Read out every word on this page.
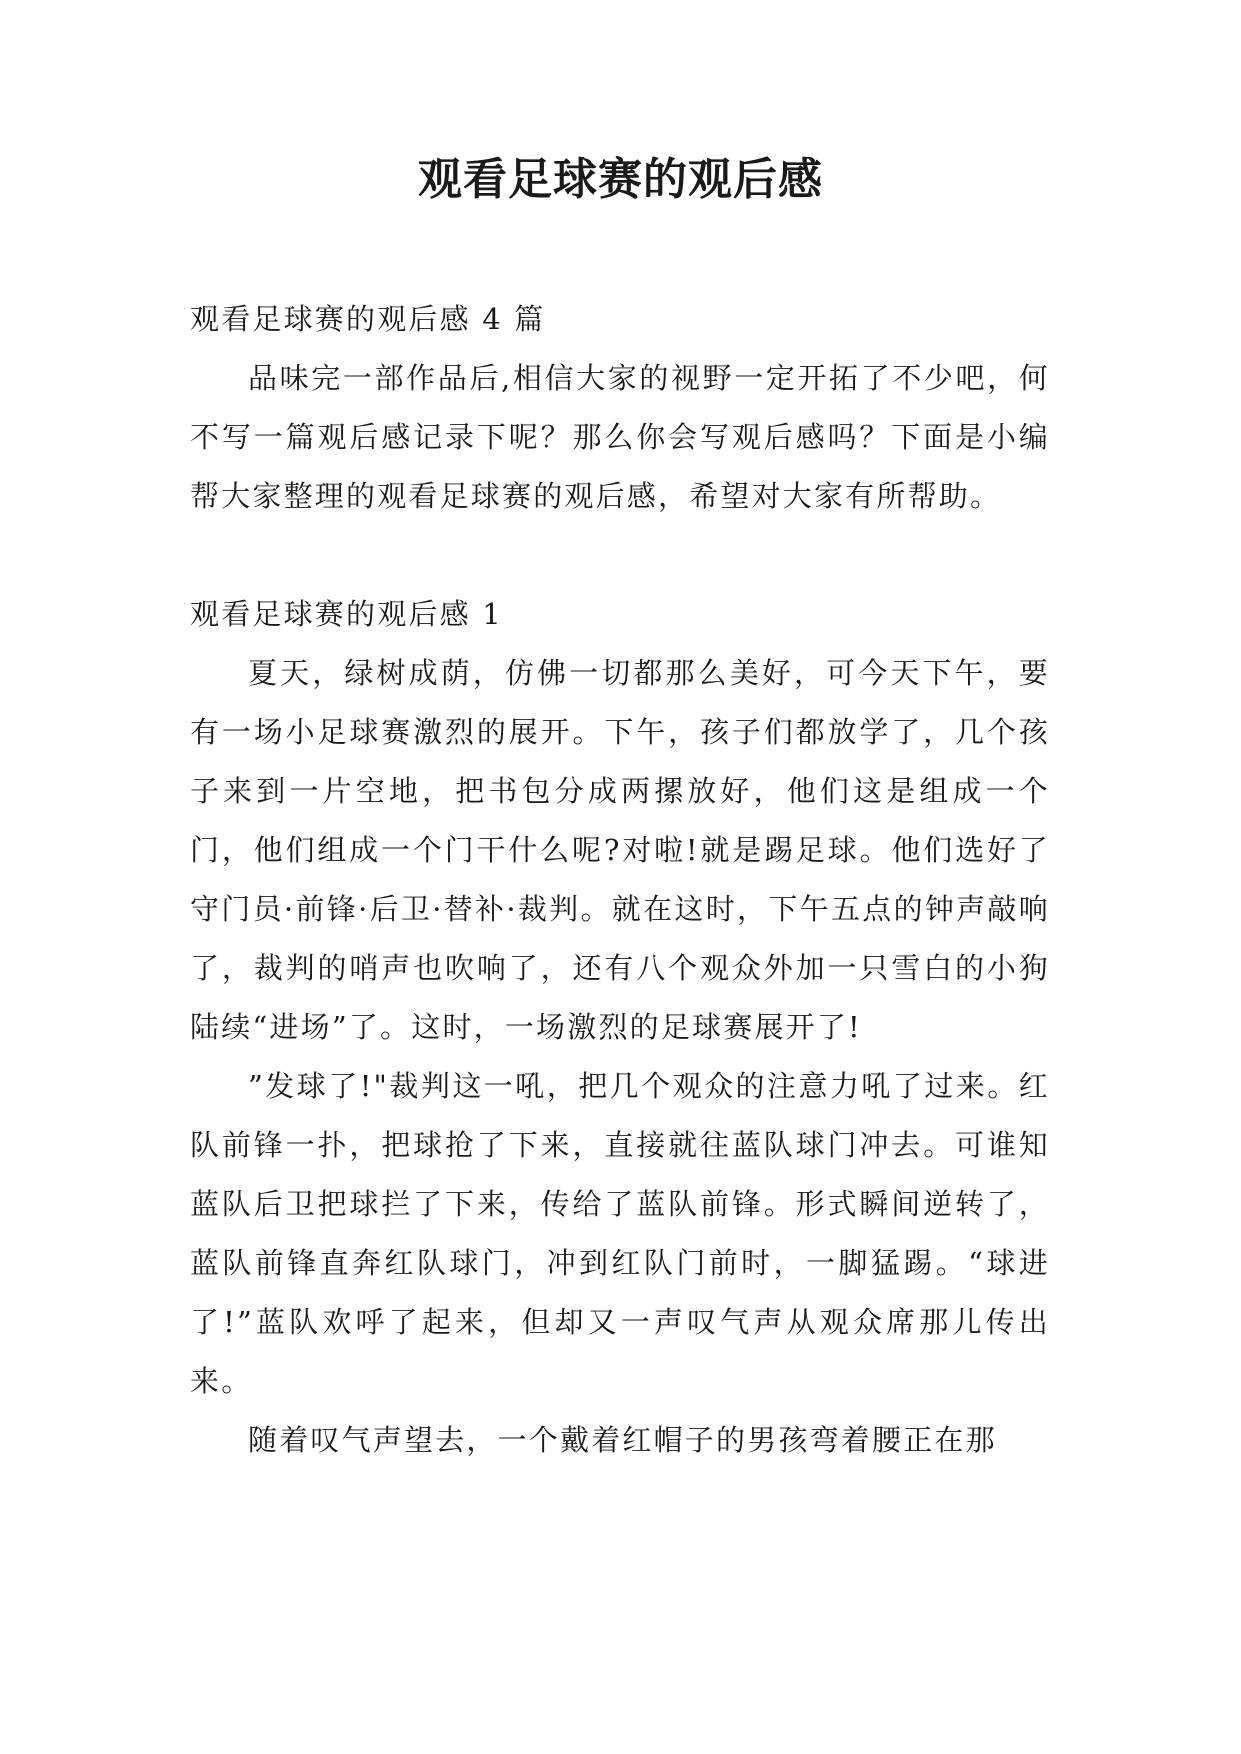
观看足球赛的观后感

观看足球赛的观后感 4 篇

品味完一部作品后,相信大家的视野一定开拓了不少吧，何不写一篇观后感记录下呢？那么你会写观后感吗？下面是小编帮大家整理的观看足球赛的观后感，希望对大家有所帮助。

观看足球赛的观后感 1

夏天，绿树成荫，仿佛一切都那么美好，可今天下午，要有一场小足球赛激烈的展开。下午，孩子们都放学了，几个孩子来到一片空地，把书包分成两摞放好，他们这是组成一个门，他们组成一个门干什么呢?对啦!就是踢足球。他们选好了守门员·前锋·后卫·替补·裁判。就在这时，下午五点的钟声敲响了，裁判的哨声也吹响了，还有八个观众外加一只雪白的小狗陆续“进场”了。这时，一场激烈的足球赛展开了!

”发球了!"裁判这一吼，把几个观众的注意力吼了过来。红队前锋一扑，把球抢了下来，直接就往蓝队球门冲去。可谁知蓝队后卫把球拦了下来，传给了蓝队前锋。形式瞬间逆转了，蓝队前锋直奔红队球门，冲到红队门前时，一脚猛踢。“球进了!”蓝队欢呼了起来，但却又一声叹气声从观众席那儿传出来。

随着叹气声望去，一个戴着红帽子的男孩弯着腰正在那
